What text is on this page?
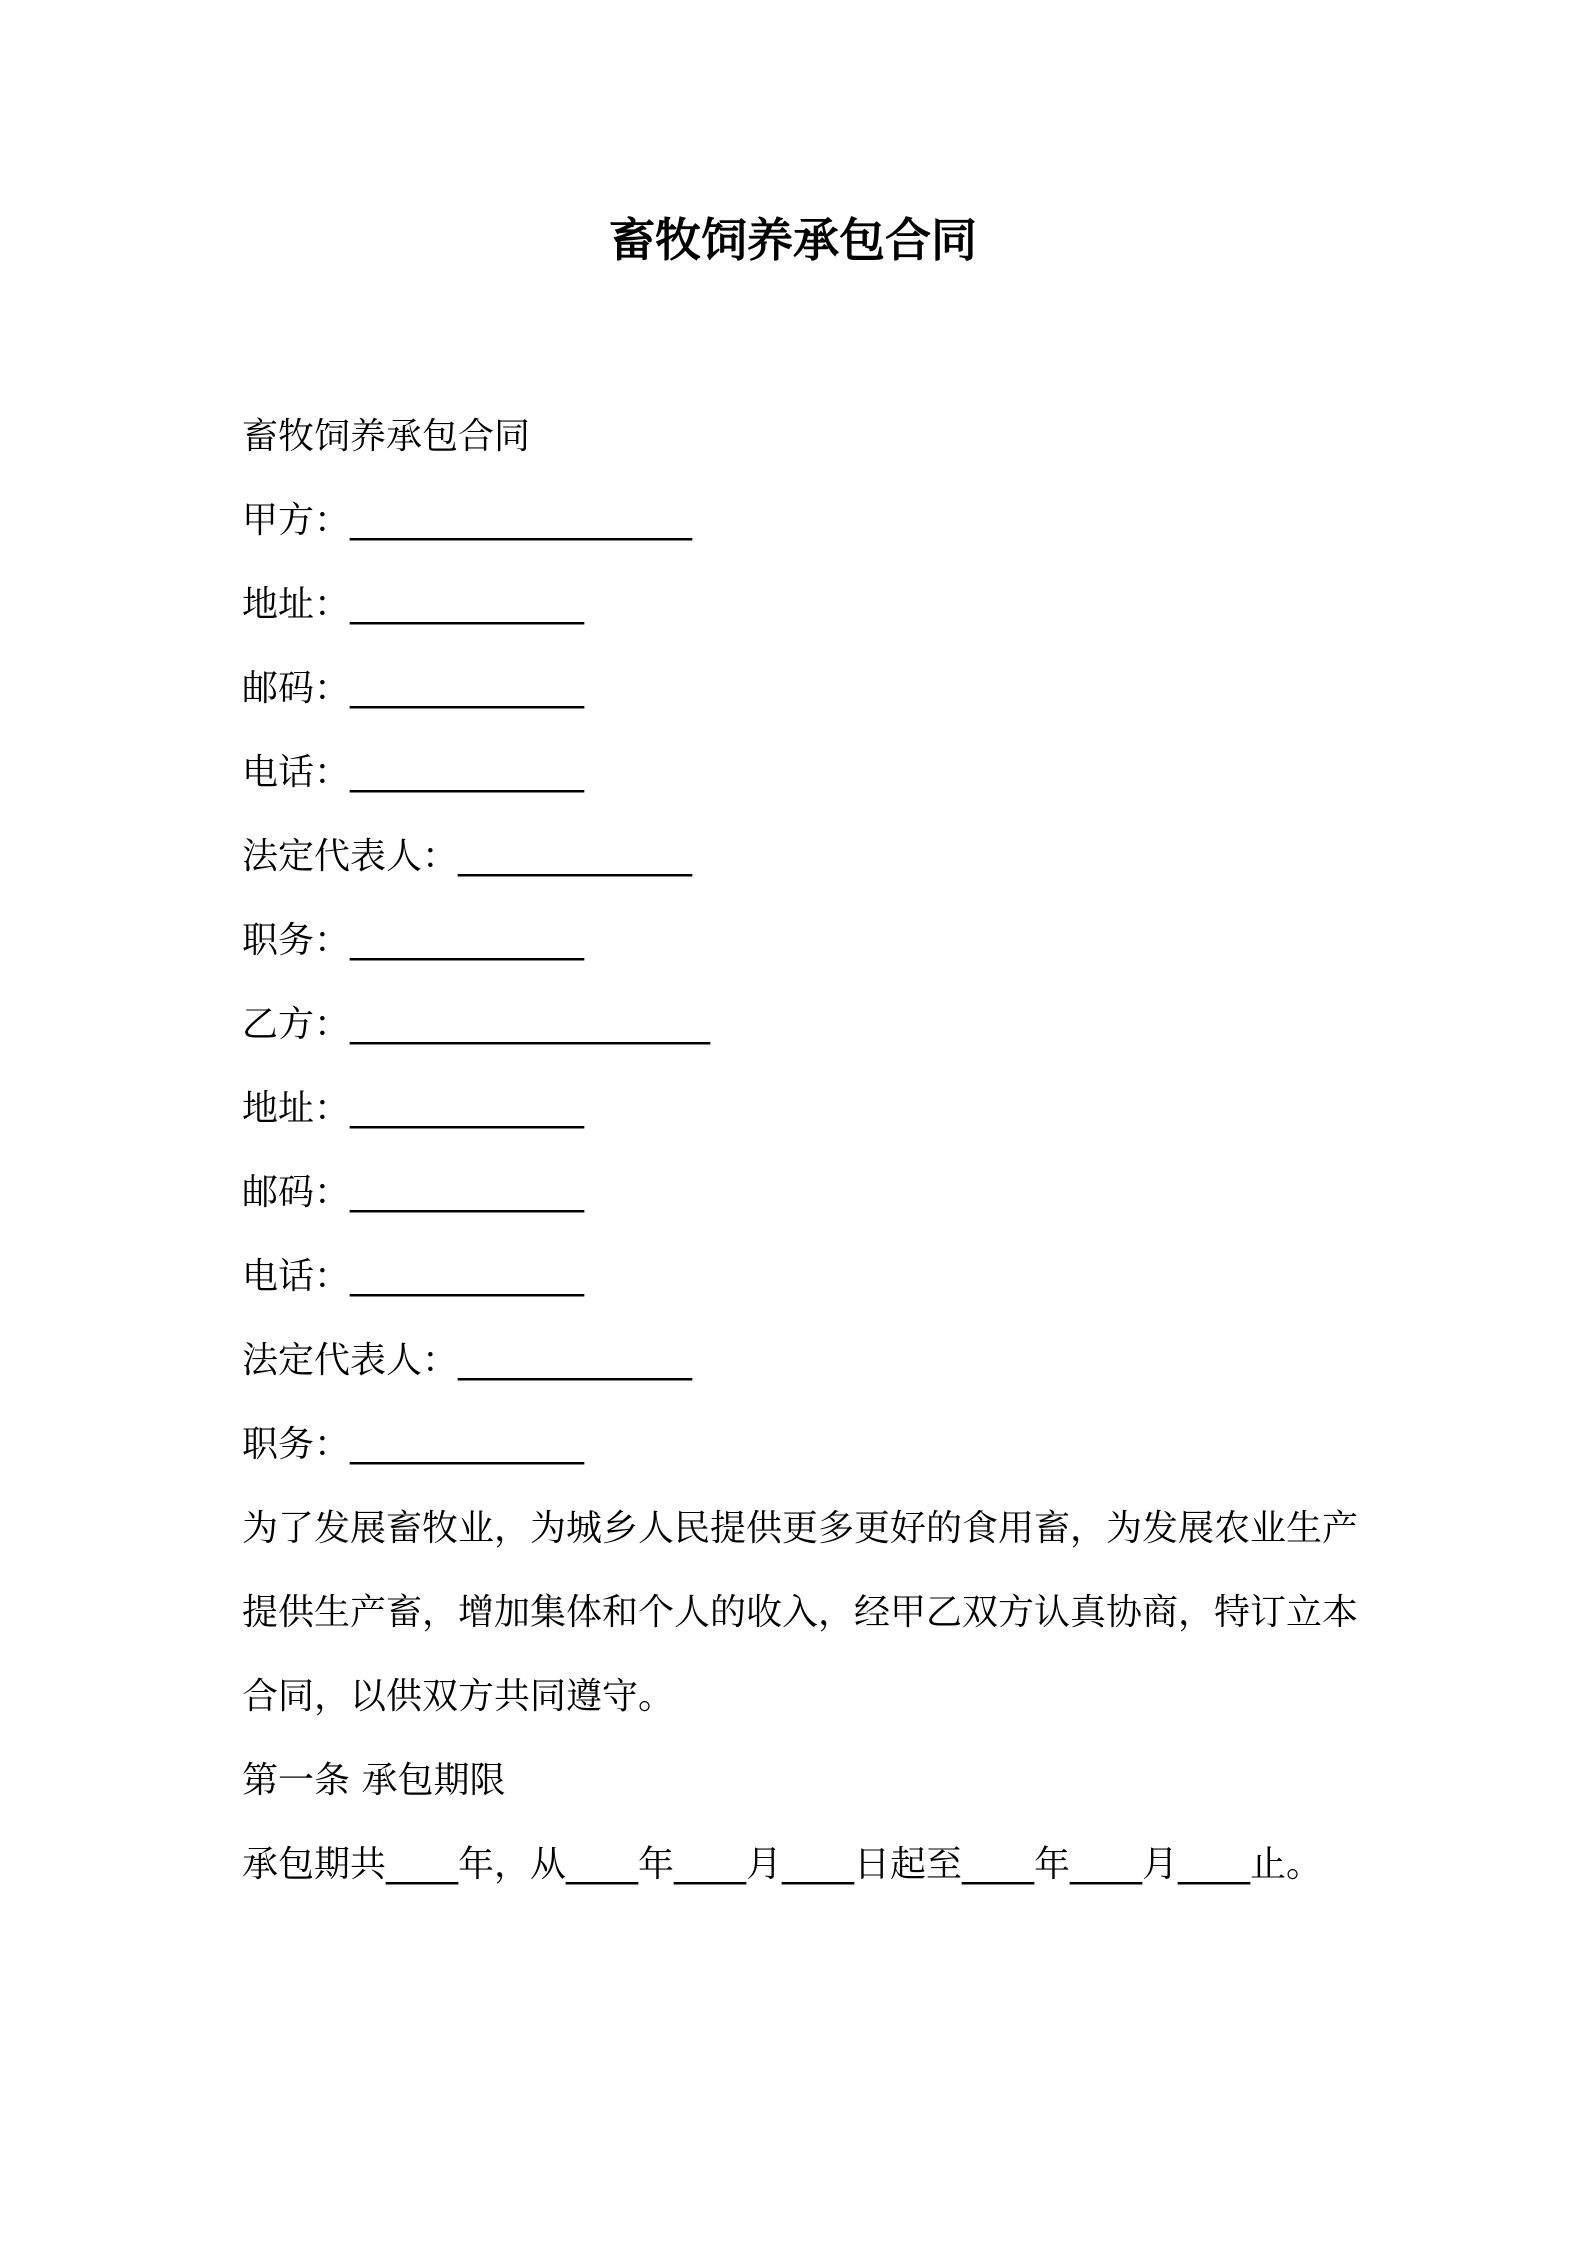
畜牧饲养承包合同
畜牧饲养承包合同
甲方：___________________
地址：_____________
邮码：_____________
电话：_____________
法定代表人：_____________
职务：_____________
乙方：____________________
地址：_____________
邮码：_____________
电话：_____________
法定代表人：_____________
职务：_____________
为了发展畜牧业，为城乡人民提供更多更好的食用畜，为发展农业生产提供生产畜，增加集体和个人的收入，经甲乙双方认真协商，特订立本合同，以供双方共同遵守。
第一条 承包期限
承包期共____年，从____年____月____日起至____年____月____止。
